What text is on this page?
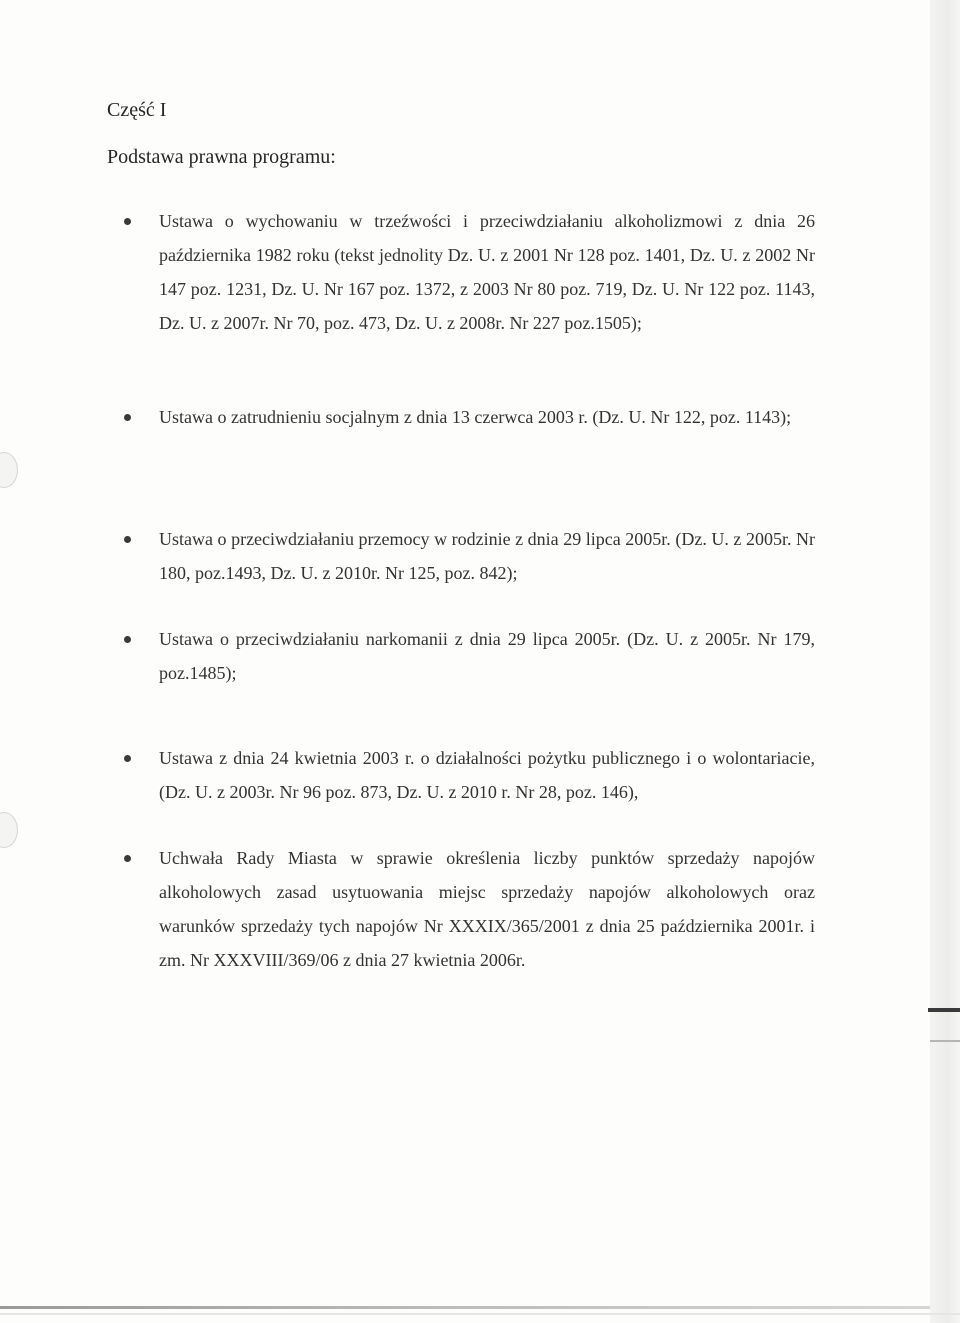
Część I
Podstawa prawna programu:
Ustawa o wychowaniu w trzeźwości i przeciwdziałaniu alkoholizmowi z dnia 26 października 1982 roku (tekst jednolity Dz. U. z 2001 Nr 128 poz. 1401, Dz. U. z 2002 Nr 147 poz. 1231, Dz. U. Nr 167 poz. 1372, z 2003 Nr 80 poz. 719, Dz. U. Nr 122 poz. 1143, Dz. U. z 2007r. Nr 70, poz. 473, Dz. U. z 2008r. Nr 227 poz.1505);
Ustawa o zatrudnieniu socjalnym z dnia 13 czerwca 2003 r. (Dz. U. Nr 122, poz. 1143);
Ustawa o przeciwdziałaniu przemocy w rodzinie z dnia 29 lipca 2005r. (Dz. U. z 2005r. Nr 180, poz.1493, Dz. U. z 2010r. Nr 125, poz. 842);
Ustawa o przeciwdziałaniu narkomanii z dnia 29 lipca 2005r. (Dz. U. z 2005r. Nr 179, poz.1485);
Ustawa z dnia 24 kwietnia 2003 r. o działalności pożytku publicznego i o wolontariacie, (Dz. U. z 2003r. Nr 96 poz. 873, Dz. U. z 2010 r. Nr 28, poz. 146),
Uchwała Rady Miasta w sprawie określenia liczby punktów sprzedaży napojów alkoholowych zasad usytuowania miejsc sprzedaży napojów alkoholowych oraz warunków sprzedaży tych napojów Nr XXXIX/365/2001 z dnia 25 października 2001r. i zm. Nr XXXVIII/369/06 z dnia 27 kwietnia 2006r.
